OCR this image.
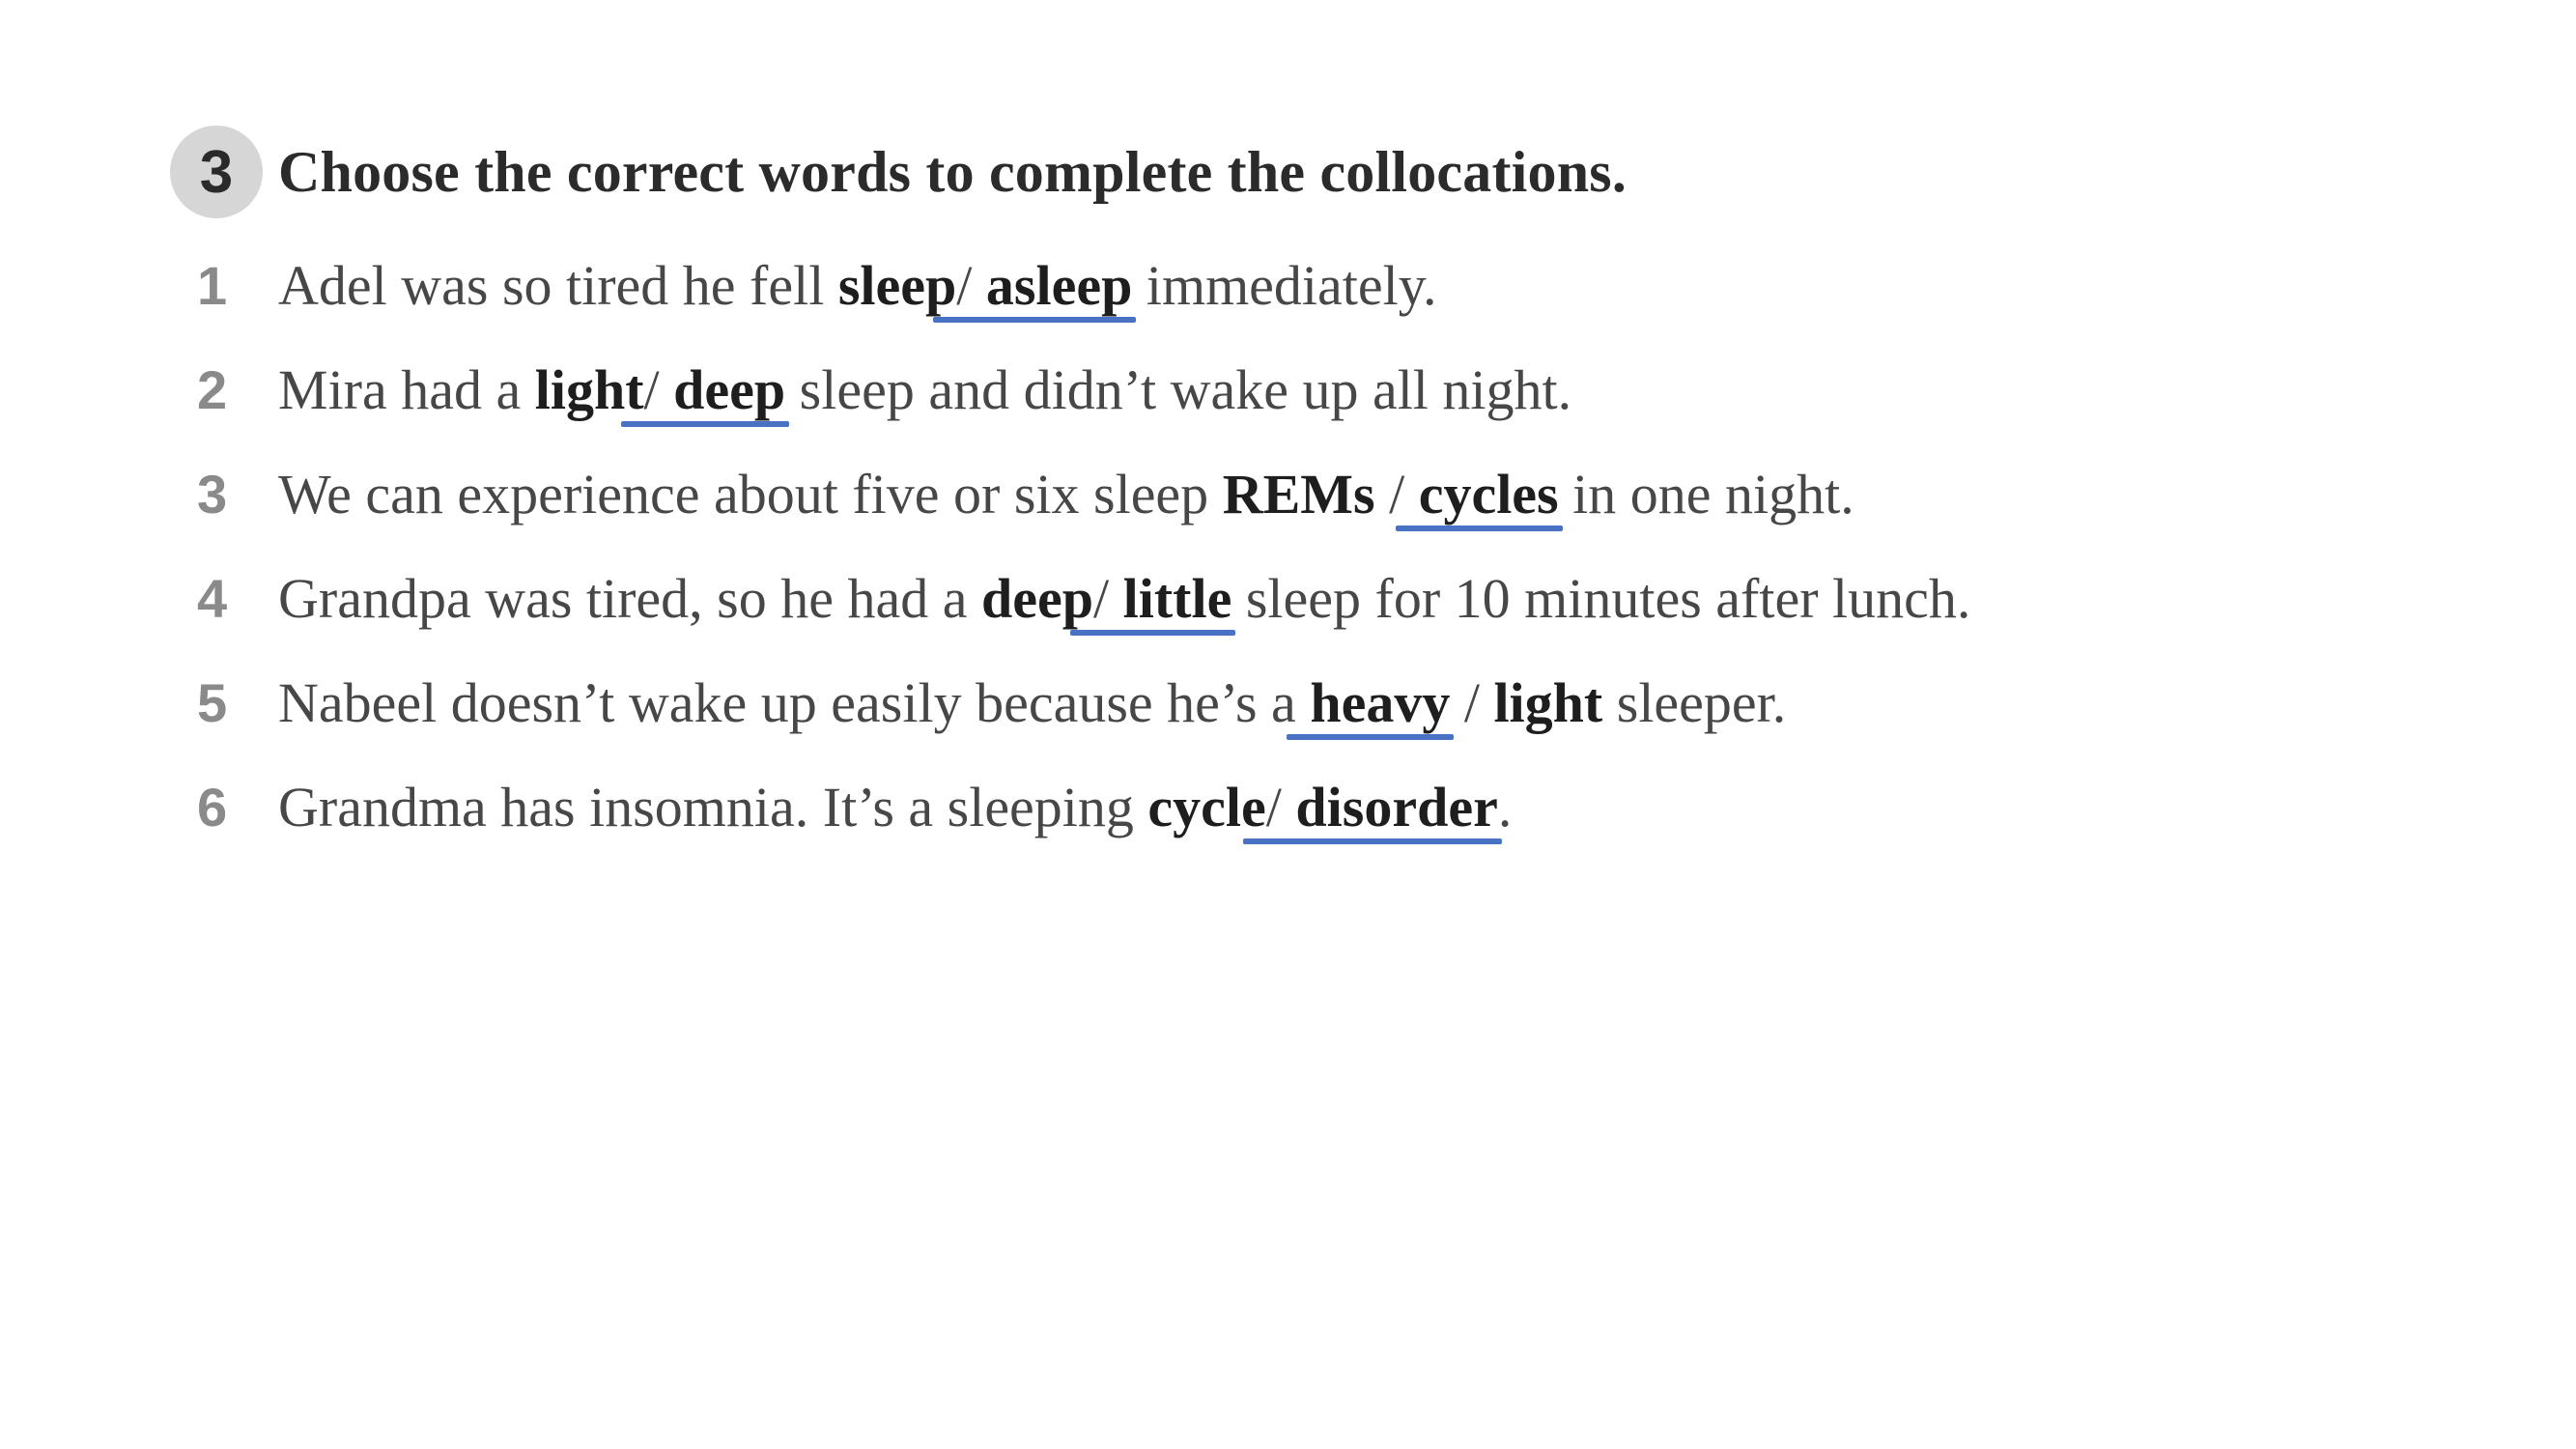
3 Choose the correct words to complete the collocations.
1 Adel was so tired he fell sleep/ asleep
immediately.
2 Mira had a light/ deep
sleep and didn’t wake up all night.
3 We can experience about five or six sleep REMs / cycles
in one night.
4 Grandpa was tired, so he had a deep/ little
sleep for 10 minutes after lunch.
5 Nabeel doesn’t wake up easily because he’s a heavy
/ light sleeper.
6 Grandma has insomnia. It’s a sleeping cycle/ disorder
.
